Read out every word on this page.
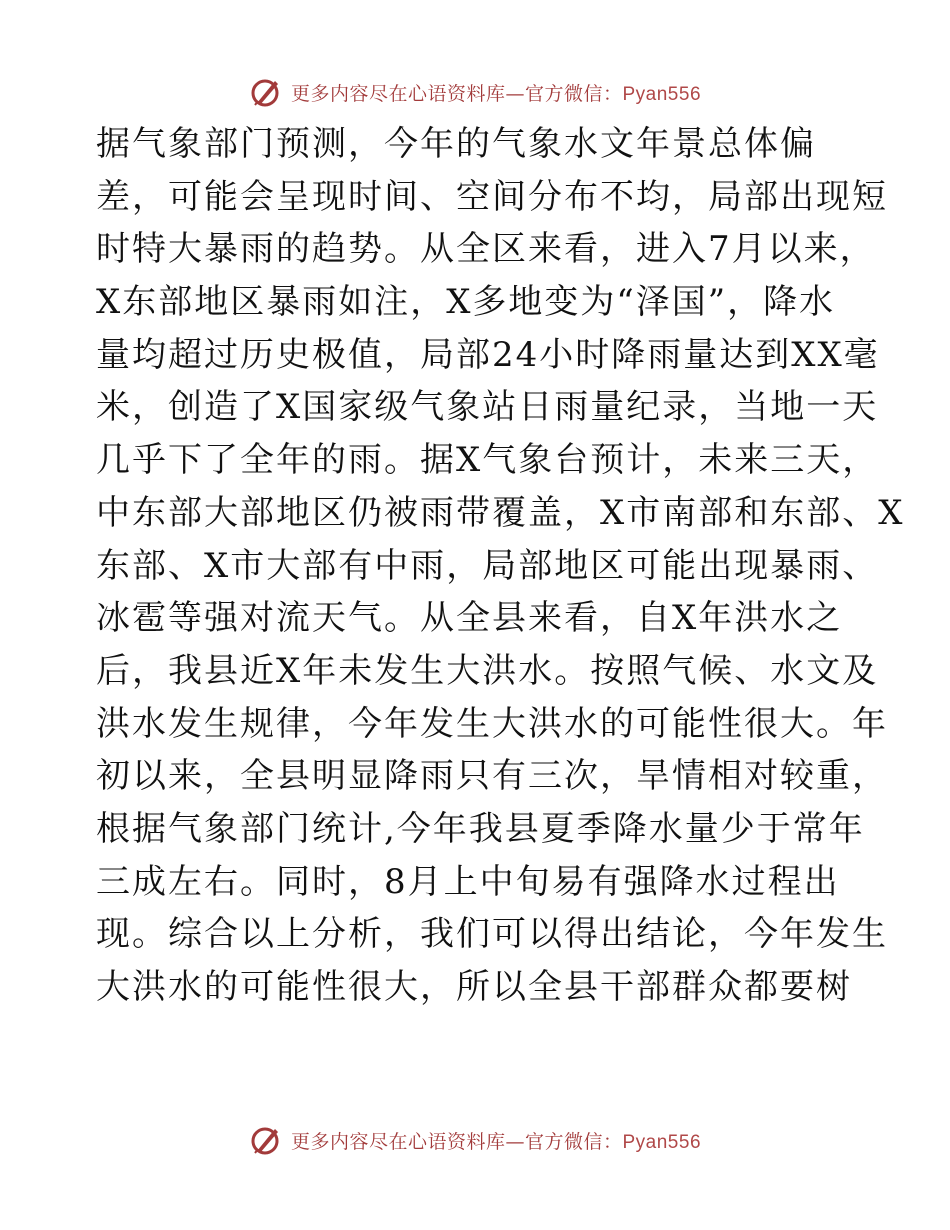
更多内容尽在心语资料库—官方微信：Pyan556
据气象部门预测，今年的气象水文年景总体偏
差，可能会呈现时间、空间分布不均，局部出现短
时特大暴雨的趋势。从全区来看，进入7月以来，
X东部地区暴雨如注，X多地变为“泽国”，降水
量均超过历史极值，局部24小时降雨量达到XX毫
米，创造了X国家级气象站日雨量纪录，当地一天
几乎下了全年的雨。据X气象台预计，未来三天，
中东部大部地区仍被雨带覆盖，X市南部和东部、X
东部、X市大部有中雨，局部地区可能出现暴雨、
冰雹等强对流天气。从全县来看，自X年洪水之
后，我县近X年未发生大洪水。按照气候、水文及
洪水发生规律，今年发生大洪水的可能性很大。年
初以来，全县明显降雨只有三次，旱情相对较重，
根据气象部门统计,今年我县夏季降水量少于常年
三成左右。同时，8月上中旬易有强降水过程出
现。综合以上分析，我们可以得出结论，今年发生
大洪水的可能性很大，所以全县干部群众都要树
更多内容尽在心语资料库—官方微信：Pyan556
